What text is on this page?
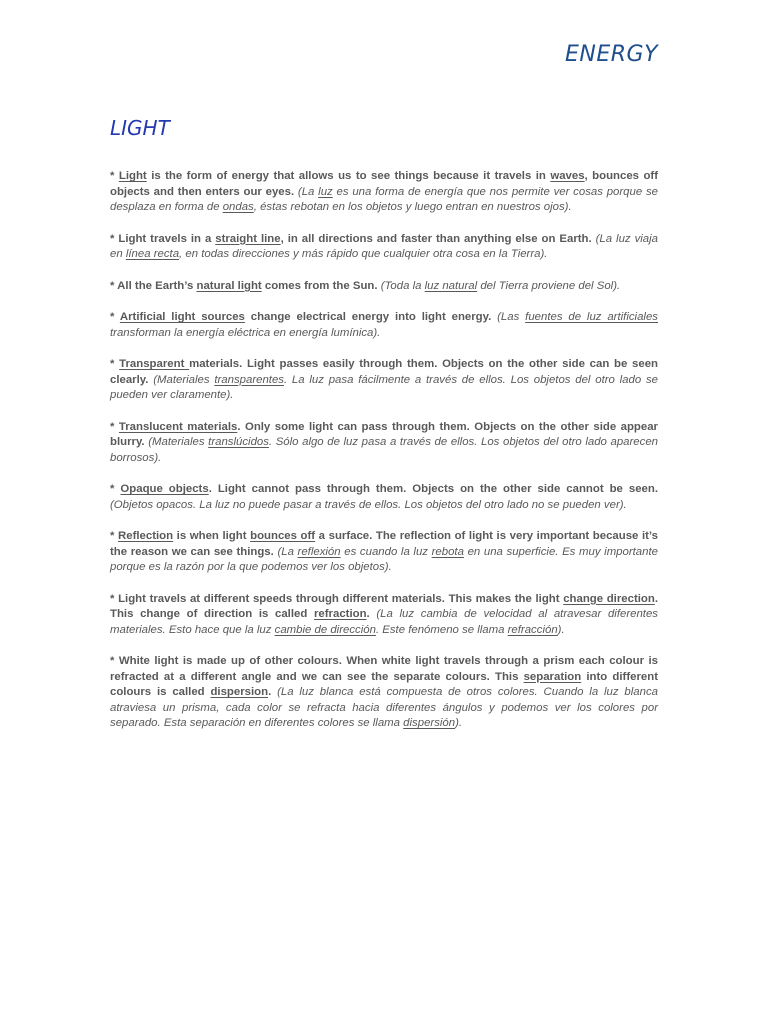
ENERGY
LIGHT

* Light is the form of energy that allows us to see things because it travels in waves, bounces off objects and then enters our eyes. (La luz es una forma de energía que nos permite ver cosas porque se desplaza en forma de ondas, éstas rebotan en los objetos y luego entran en nuestros ojos).

* Light travels in a straight line, in all directions and faster than anything else on Earth. (La luz viaja en línea recta, en todas direcciones y más rápido que cualquier otra cosa en la Tierra).

* All the Earth’s natural light comes from the Sun. (Toda la luz natural del Tierra proviene del Sol).

* Artificial light sources change electrical energy into light energy. (Las fuentes de luz artificiales transforman la energía eléctrica en energía lumínica).

* Transparent materials. Light passes easily through them. Objects on the other side can be seen clearly. (Materiales transparentes. La luz pasa fácilmente a través de ellos. Los objetos del otro lado se pueden ver claramente).

* Translucent materials. Only some light can pass through them. Objects on the other side appear blurry. (Materiales translúcidos. Sólo algo de luz pasa a través de ellos. Los objetos del otro lado aparecen borrosos).

* Opaque objects. Light cannot pass through them. Objects on the other side cannot be seen. (Objetos opacos. La luz no puede pasar a través de ellos. Los objetos del otro lado no se pueden ver).

* Reflection is when light bounces off a surface. The reflection of light is very important because it’s the reason we can see things. (La reflexión es cuando la luz rebota en una superficie. Es muy importante porque es la razón por la que podemos ver los objetos).

* Light travels at different speeds through different materials. This makes the light change direction. This change of direction is called refraction. (La luz cambia de velocidad al atravesar diferentes materiales. Esto hace que la luz cambie de dirección. Este fenómeno se llama refracción).

* White light is made up of other colours. When white light travels through a prism each colour is refracted at a different angle and we can see the separate colours. This separation into different colours is called dispersion. (La luz blanca está compuesta de otros colores. Cuando la luz blanca atraviesa un prisma, cada color se refracta hacia diferentes ángulos y podemos ver los colores por separado. Esta separación en diferentes colores se llama dispersión).
